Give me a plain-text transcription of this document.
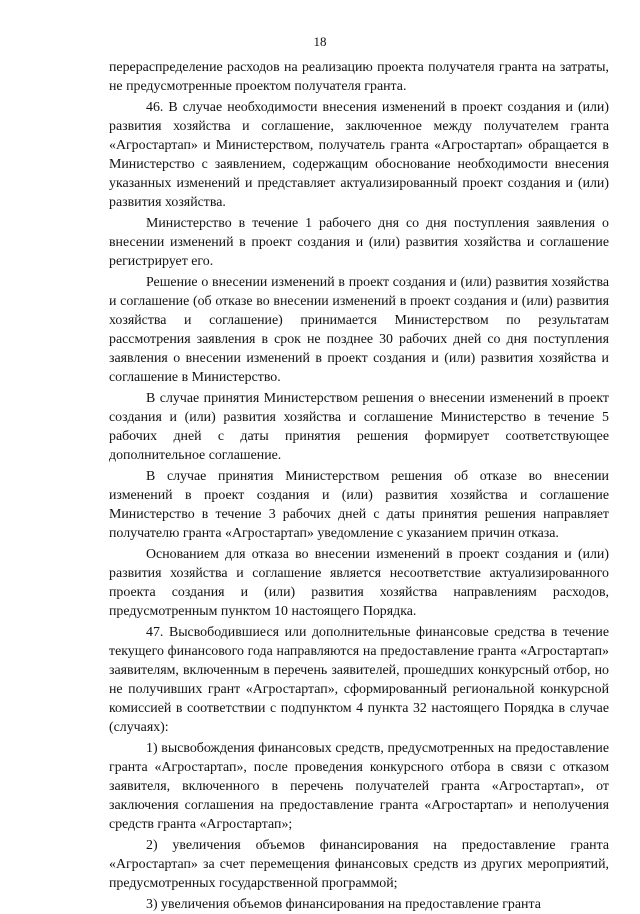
18

перераспределение расходов на реализацию проекта получателя гранта на затраты, не предусмотренные проектом получателя гранта.

46. В случае необходимости внесения изменений в проект создания и (или) развития хозяйства и соглашение, заключенное между получателем гранта «Агростартап» и Министерством, получатель гранта «Агростартап» обращается в Министерство с заявлением, содержащим обоснование необходимости внесения указанных изменений и представляет актуализированный проект создания и (или) развития хозяйства.

Министерство в течение 1 рабочего дня со дня поступления заявления о внесении изменений в проект создания и (или) развития хозяйства и соглашение регистрирует его.

Решение о внесении изменений в проект создания и (или) развития хозяйства и соглашение (об отказе во внесении изменений в проект создания и (или) развития хозяйства и соглашение) принимается Министерством по результатам рассмотрения заявления в срок не позднее 30 рабочих дней со дня поступления заявления о внесении изменений в проект создания и (или) развития хозяйства и соглашение в Министерство.

В случае принятия Министерством решения о внесении изменений в проект создания и (или) развития хозяйства и соглашение Министерство в течение 5 рабочих дней с даты принятия решения формирует соответствующее дополнительное соглашение.

В случае принятия Министерством решения об отказе во внесении изменений в проект создания и (или) развития хозяйства и соглашение Министерство в течение 3 рабочих дней с даты принятия решения направляет получателю гранта «Агростартап» уведомление с указанием причин отказа.

Основанием для отказа во внесении изменений в проект создания и (или) развития хозяйства и соглашение является несоответствие актуализированного проекта создания и (или) развития хозяйства направлениям расходов, предусмотренным пунктом 10 настоящего Порядка.

47. Высвободившиеся или дополнительные финансовые средства в течение текущего финансового года направляются на предоставление гранта «Агростартап» заявителям, включенным в перечень заявителей, прошедших конкурсный отбор, но не получивших грант «Агростартап», сформированный региональной конкурсной комиссией в соответствии с подпунктом 4 пункта 32 настоящего Порядка в случае (случаях):

1) высвобождения финансовых средств, предусмотренных на предоставление гранта «Агростартап», после проведения конкурсного отбора в связи с отказом заявителя, включенного в перечень получателей гранта «Агростартап», от заключения соглашения на предоставление гранта «Агростартап» и неполучения средств гранта «Агростартап»;

2) увеличения объемов финансирования на предоставление гранта «Агростартап» за счет перемещения финансовых средств из других мероприятий, предусмотренных государственной программой;

3) увеличения объемов финансирования на предоставление гранта
